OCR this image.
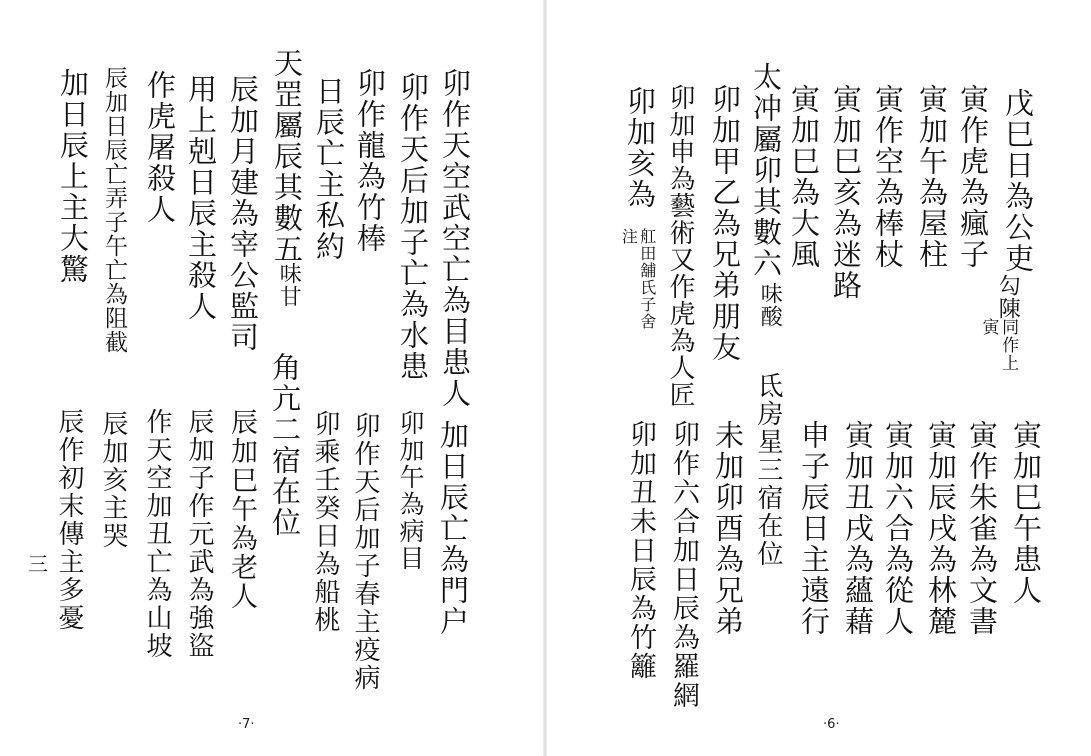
卯作天空武空亡為目患人
卯作天后加子亡為水患
卯作龍為竹棒
日辰亡主私約
天罡屬辰其數五
味甘
辰加月建為宰公監司
用上剋日辰主殺人
作虎屠殺人
辰加日辰亡弄子午亡為阻截
加日辰上主大驚
加日辰亡為門户
卯加午為病目
卯作天后加子春主疫病
卯乘壬癸日為船桃
角亢二宿在位
辰加巳午為老人
辰加子作元武為強盜
作天空加丑亡為山坡
辰加亥主哭
辰作初末傳主多憂
三
·7·
戊巳日為公吏
勾陳
同作上寅
寅作虎為瘋子
寅加午為屋柱
寅作空為棒杖
寅加巳亥為迷路
寅加巳為大風
太冲屬卯其數六
味酸
卯加甲乙為兄弟朋友
卯加申為藝術又作虎為人匠
卯加亥為
舡田舖氏子舍注
寅加巳午患人
寅作朱雀為文書
寅加辰戌為林麓
寅加六合為從人
寅加丑戌為蘊藉
申子辰日主遠行
氐房星三宿在位
未加卯酉為兄弟
卯作六合加日辰為羅網
卯加丑未日辰為竹籬
·6·
